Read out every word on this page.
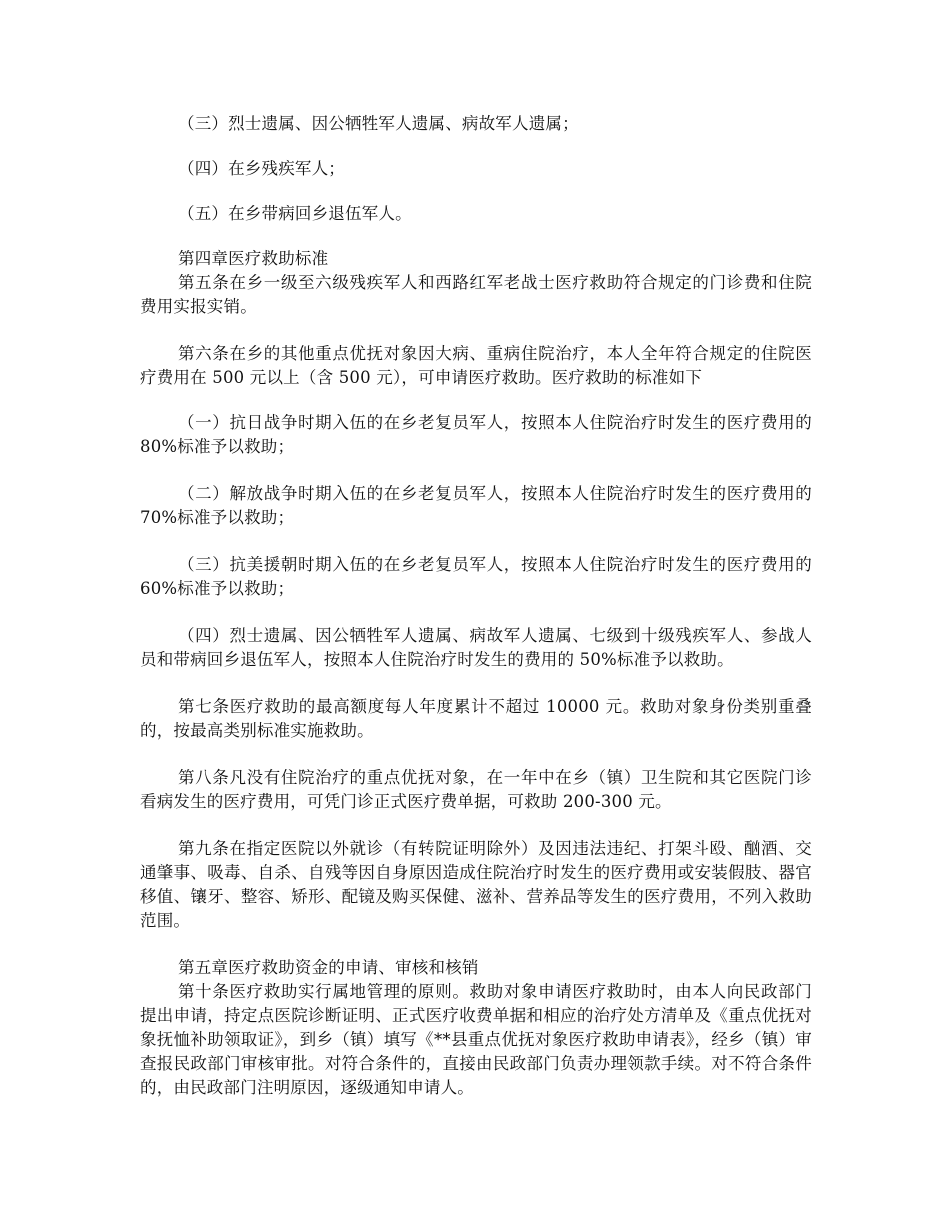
（三）烈士遗属、因公牺牲军人遗属、病故军人遗属；

（四）在乡残疾军人；

（五）在乡带病回乡退伍军人。

第四章医疗救助标准

第五条在乡一级至六级残疾军人和西路红军老战士医疗救助符合规定的门诊费和住院费用实报实销。

第六条在乡的其他重点优抚对象因大病、重病住院治疗，本人全年符合规定的住院医疗费用在 500 元以上（含 500 元），可申请医疗救助。医疗救助的标准如下

（一）抗日战争时期入伍的在乡老复员军人，按照本人住院治疗时发生的医疗费用的 80%标准予以救助；

（二）解放战争时期入伍的在乡老复员军人，按照本人住院治疗时发生的医疗费用的 70%标准予以救助；

（三）抗美援朝时期入伍的在乡老复员军人，按照本人住院治疗时发生的医疗费用的 60%标准予以救助；

（四）烈士遗属、因公牺牲军人遗属、病故军人遗属、七级到十级残疾军人、参战人员和带病回乡退伍军人，按照本人住院治疗时发生的费用的 50%标准予以救助。

第七条医疗救助的最高额度每人年度累计不超过 10000 元。救助对象身份类别重叠的，按最高类别标准实施救助。

第八条凡没有住院治疗的重点优抚对象，在一年中在乡（镇）卫生院和其它医院门诊看病发生的医疗费用，可凭门诊正式医疗费单据，可救助 200-300 元。

第九条在指定医院以外就诊（有转院证明除外）及因违法违纪、打架斗殴、酗酒、交通肇事、吸毒、自杀、自残等因自身原因造成住院治疗时发生的医疗费用或安装假肢、器官移值、镶牙、整容、矫形、配镜及购买保健、滋补、营养品等发生的医疗费用，不列入救助范围。

第五章医疗救助资金的申请、审核和核销

第十条医疗救助实行属地管理的原则。救助对象申请医疗救助时，由本人向民政部门提出申请，持定点医院诊断证明、正式医疗收费单据和相应的治疗处方清单及《重点优抚对象抚恤补助领取证》，到乡（镇）填写《**县重点优抚对象医疗救助申请表》，经乡（镇）审查报民政部门审核审批。对符合条件的，直接由民政部门负责办理领款手续。对不符合条件的，由民政部门注明原因，逐级通知申请人。
